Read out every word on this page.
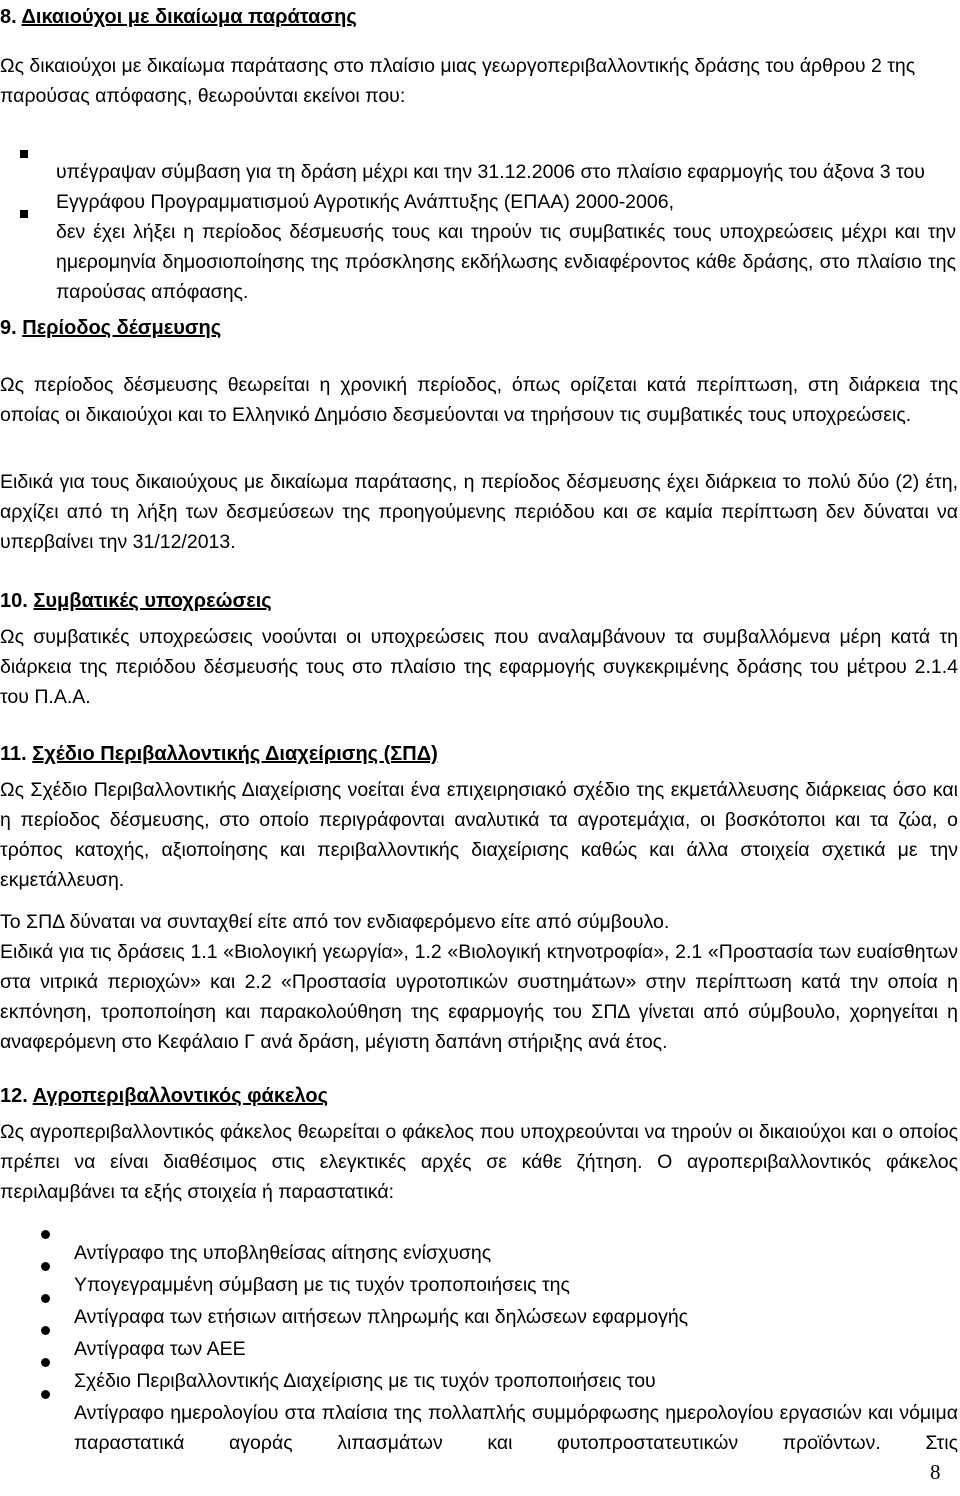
8. Δικαιούχοι με δικαίωμα παράτασης

Ως δικαιούχοι με δικαίωμα παράτασης στο πλαίσιο μιας γεωργοπεριβαλλοντικής δράσης του άρθρου 2 της παρούσας απόφασης, θεωρούνται εκείνοι που:

υπέγραψαν σύμβαση για τη δράση μέχρι και την 31.12.2006 στο πλαίσιο εφαρμογής του άξονα 3 του Εγγράφου Προγραμματισμού Αγροτικής Ανάπτυξης (ΕΠΑΑ) 2000-2006,

δεν έχει λήξει η περίοδος δέσμευσής τους και τηρούν τις συμβατικές τους υποχρεώσεις μέχρι και την ημερομηνία δημοσιοποίησης της πρόσκλησης εκδήλωσης ενδιαφέροντος κάθε δράσης, στο πλαίσιο της παρούσας απόφασης.

9. Περίοδος δέσμευσης

Ως περίοδος δέσμευσης θεωρείται η χρονική περίοδος, όπως ορίζεται κατά περίπτωση, στη διάρκεια της οποίας οι δικαιούχοι και το Ελληνικό Δημόσιο δεσμεύονται να τηρήσουν τις συμβατικές τους υποχρεώσεις.

Ειδικά για τους δικαιούχους με δικαίωμα παράτασης, η περίοδος δέσμευσης έχει διάρκεια το πολύ δύο (2) έτη, αρχίζει από τη λήξη των δεσμεύσεων της προηγούμενης περιόδου και σε καμία περίπτωση δεν δύναται να υπερβαίνει την 31/12/2013.

10. Συμβατικές υποχρεώσεις

Ως συμβατικές υποχρεώσεις νοούνται οι υποχρεώσεις που αναλαμβάνουν τα συμβαλλόμενα μέρη κατά τη διάρκεια της περιόδου δέσμευσής τους στο πλαίσιο της εφαρμογής συγκεκριμένης δράσης του μέτρου 2.1.4 του Π.Α.Α.

11. Σχέδιο Περιβαλλοντικής Διαχείρισης (ΣΠΔ)

Ως Σχέδιο Περιβαλλοντικής Διαχείρισης νοείται ένα επιχειρησιακό σχέδιο της εκμετάλλευσης διάρκειας όσο και η περίοδος δέσμευσης, στο οποίο περιγράφονται αναλυτικά τα αγροτεμάχια, οι βοσκότοποι και τα ζώα, ο τρόπος κατοχής, αξιοποίησης και περιβαλλοντικής διαχείρισης καθώς και άλλα στοιχεία σχετικά με την εκμετάλλευση.

Το ΣΠΔ δύναται να συνταχθεί είτε από τον ενδιαφερόμενο είτε από σύμβουλο.

Ειδικά για τις δράσεις 1.1 «Βιολογική γεωργία», 1.2 «Βιολογική κτηνοτροφία», 2.1 «Προστασία των ευαίσθητων στα νιτρικά περιοχών» και 2.2 «Προστασία υγροτοπικών συστημάτων» στην περίπτωση κατά την οποία η εκπόνηση, τροποποίηση και παρακολούθηση της εφαρμογής του ΣΠΔ γίνεται από σύμβουλο, χορηγείται η αναφερόμενη στο Κεφάλαιο Γ ανά δράση, μέγιστη δαπάνη στήριξης ανά έτος.

12. Αγροπεριβαλλοντικός φάκελος

Ως αγροπεριβαλλοντικός φάκελος θεωρείται ο φάκελος που υποχρεούνται να τηρούν οι δικαιούχοι και ο οποίος πρέπει να είναι διαθέσιμος στις ελεγκτικές αρχές σε κάθε ζήτηση. Ο αγροπεριβαλλοντικός φάκελος περιλαμβάνει τα εξής στοιχεία ή παραστατικά:

Αντίγραφο της υποβληθείσας αίτησης ενίσχυσης

Υπογεγραμμένη σύμβαση με τις τυχόν τροποποιήσεις της

Αντίγραφα των ετήσιων αιτήσεων πληρωμής και δηλώσεων εφαρμογής

Αντίγραφα των ΑΕΕ

Σχέδιο Περιβαλλοντικής Διαχείρισης με τις τυχόν τροποποιήσεις του

Αντίγραφο ημερολογίου στα πλαίσια της πολλαπλής συμμόρφωσης ημερολογίου εργασιών και νόμιμα παραστατικά αγοράς λιπασμάτων και φυτοπροστατευτικών προϊόντων. Στις

8
